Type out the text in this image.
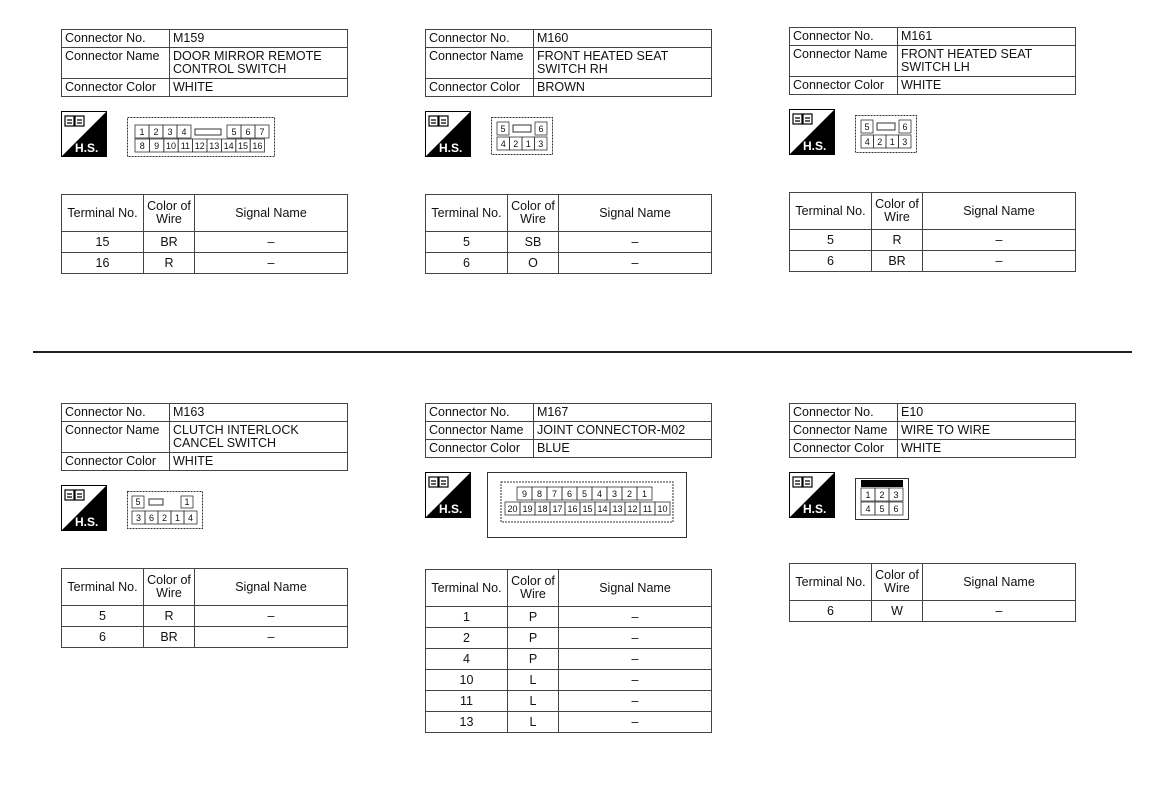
Connector No.	M159
Connector Name	DOOR MIRROR REMOTE
CONTROL SWITCH

Connector Color	WHITE
H.S.
1 2 3 4	5 6 7
8 9 10 11 12 13 14 15 16
Terminal No.	Color of
Wire	Signal Name
15	BR	–
16	R	–
Connector No.	M160
Connector Name	FRONT HEATED SEAT
SWITCH RH

Connector Color	BROWN
H.S.
5	6
4 2 1 3
Terminal No.	Color of
Wire	Signal Name
5	SB	–
6	O	–
Connector No.	M161
Connector Name	FRONT HEATED SEAT
SWITCH LH

Connector Color	WHITE
H.S.
5	6
4 2 1 3
Terminal No.	Color of
Wire	Signal Name
5	R	–
6	BR	–
Connector No.	M163
Connector Name	CLUTCH INTERLOCK
CANCEL SWITCH

Connector Color	WHITE
H.S.
5	1
3 6 2 1 4
Terminal No.	Color of
Wire	Signal Name
5	R	–
6	BR	–
Connector No.	M167
Connector Name	JOINT CONNECTOR-M02

Connector Color	BLUE
H.S.
9 8 7 6 5 4 3 2 1
20 19 18 17 16 15 14 13 12 11 10
Terminal No.	Color of
Wire	Signal Name
1	P	–
2	P	–
4	P	–
10	L	–
11	L	–
13	L	–
Connector No.	E10
Connector Name	WIRE TO WIRE

Connector Color	WHITE
H.S.
1 2 3
4 5 6
Terminal No.	Color of
Wire	Signal Name
6	W	–
